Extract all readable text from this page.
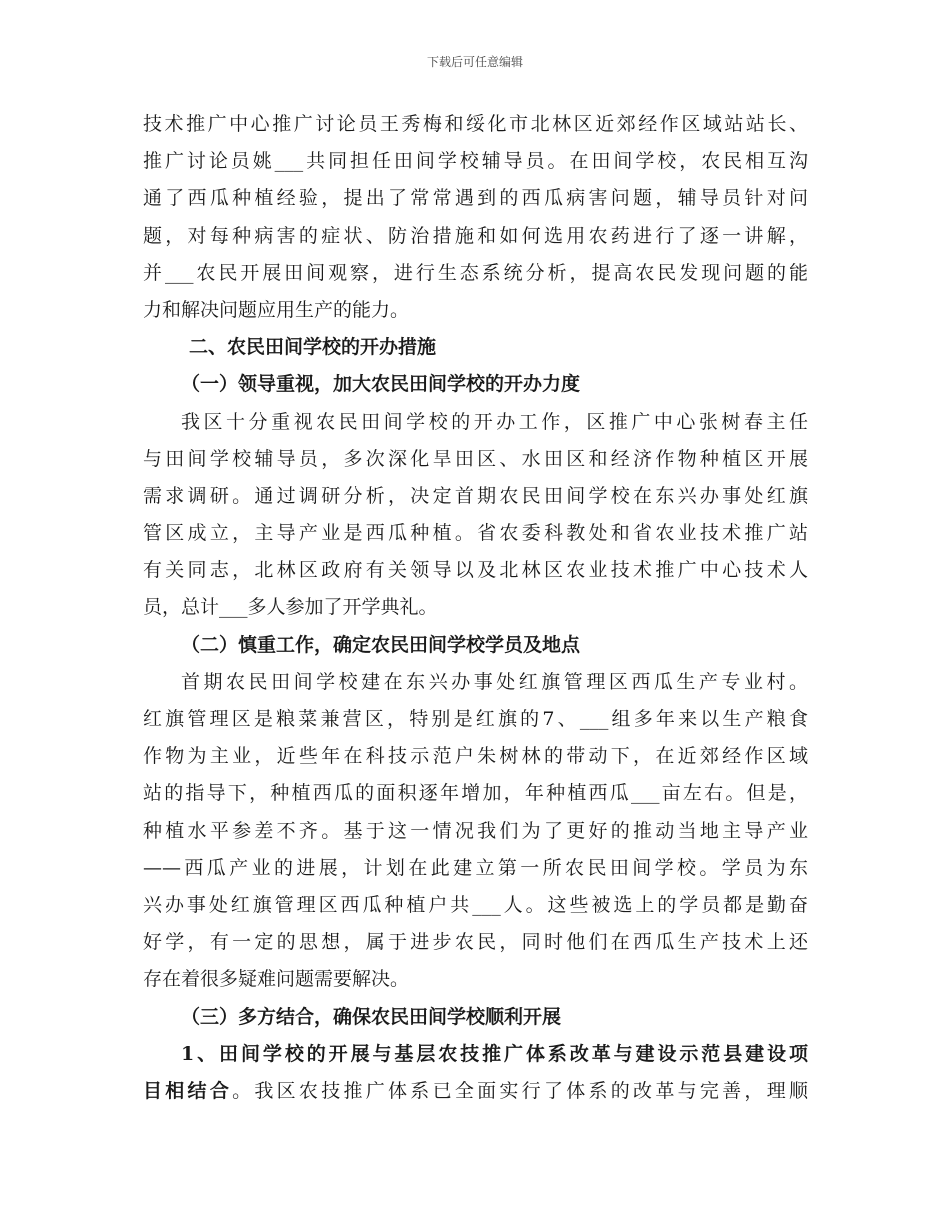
下载后可任意编辑
技术推广中心推广讨论员王秀梅和绥化市北林区近郊经作区域站站长、
推广讨论员姚___共同担任田间学校辅导员。在田间学校，农民相互沟
通了西瓜种植经验，提出了常常遇到的西瓜病害问题，辅导员针对问
题，对每种病害的症状、防治措施和如何选用农药进行了逐一讲解，
并___农民开展田间观察，进行生态系统分析，提高农民发现问题的能
力和解决问题应用生产的能力。
二、农民田间学校的开办措施
（一）领导重视，加大农民田间学校的开办力度
我区十分重视农民田间学校的开办工作，区推广中心张树春主任
与田间学校辅导员，多次深化旱田区、水田区和经济作物种植区开展
需求调研。通过调研分析，决定首期农民田间学校在东兴办事处红旗
管区成立，主导产业是西瓜种植。省农委科教处和省农业技术推广站
有关同志，北林区政府有关领导以及北林区农业技术推广中心技术人
员，总计___多人参加了开学典礼。
（二）慎重工作，确定农民田间学校学员及地点
首期农民田间学校建在东兴办事处红旗管理区西瓜生产专业村。
红旗管理区是粮菜兼营区，特别是红旗的7、___组多年来以生产粮食
作物为主业，近些年在科技示范户朱树林的带动下，在近郊经作区域
站的指导下，种植西瓜的面积逐年增加，年种植西瓜___亩左右。但是，
种植水平参差不齐。基于这一情况我们为了更好的推动当地主导产业
——西瓜产业的进展，计划在此建立第一所农民田间学校。学员为东
兴办事处红旗管理区西瓜种植户共___人。这些被选上的学员都是勤奋
好学，有一定的思想，属于进步农民，同时他们在西瓜生产技术上还
存在着很多疑难问题需要解决。
（三）多方结合，确保农民田间学校顺利开展
1、田间学校的开展与基层农技推广体系改革与建设示范县建设项
目相结合。我区农技推广体系已全面实行了体系的改革与完善，理顺
